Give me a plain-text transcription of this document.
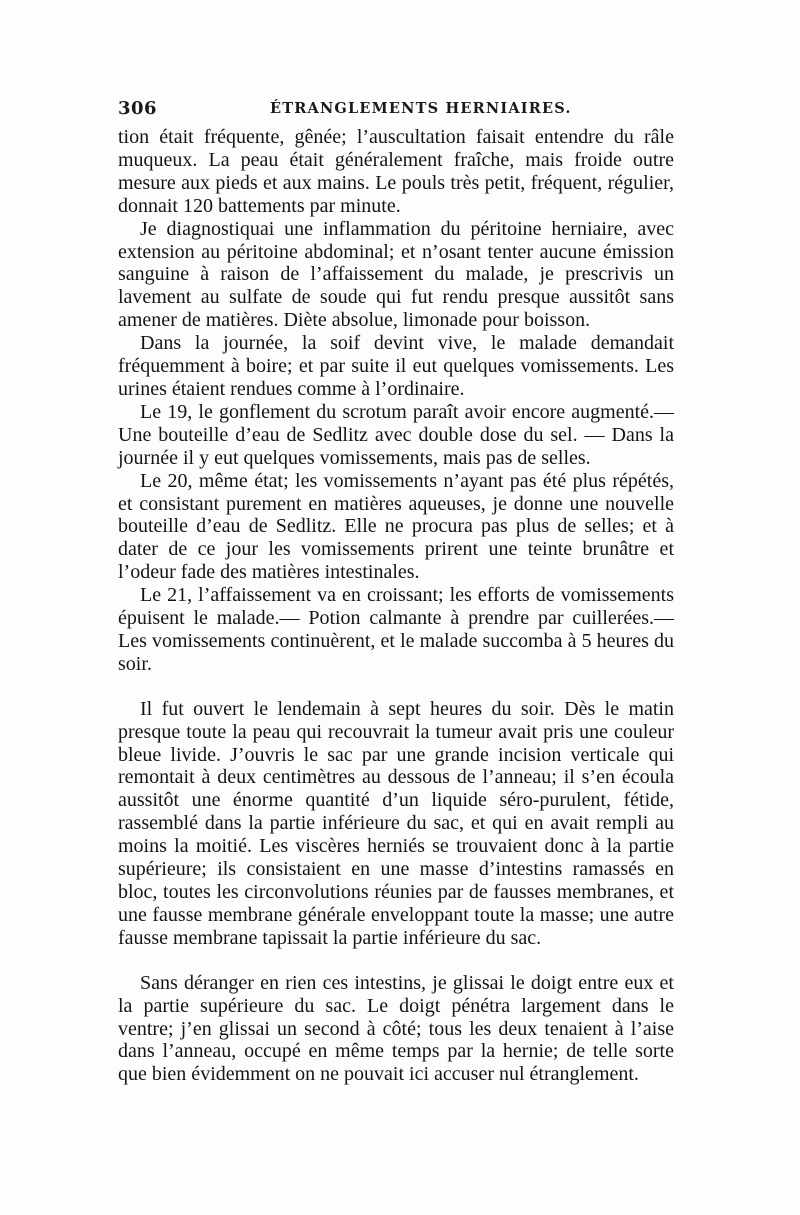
306	ÉTRANGLEMENTS HERNIAIRES.

tion était fréquente, gênée; l’auscultation faisait entendre du râle muqueux. La peau était généralement fraîche, mais froide outre mesure aux pieds et aux mains. Le pouls très petit, fréquent, régulier, donnait 120 battements par minute.

Je diagnostiquai une inflammation du péritoine herniaire, avec extension au péritoine abdominal; et n’osant tenter aucune émission sanguine à raison de l’affaissement du malade, je prescrivis un lavement au sulfate de soude qui fut rendu presque aussitôt sans amener de matières. Diète absolue, limonade pour boisson.

Dans la journée, la soif devint vive, le malade demandait fréquemment à boire; et par suite il eut quelques vomissements. Les urines étaient rendues comme à l’ordinaire.

Le 19, le gonflement du scrotum paraît avoir encore augmenté.— Une bouteille d’eau de Sedlitz avec double dose du sel. — Dans la journée il y eut quelques vomissements, mais pas de selles.

Le 20, même état; les vomissements n’ayant pas été plus répétés, et consistant purement en matières aqueuses, je donne une nouvelle bouteille d’eau de Sedlitz. Elle ne procura pas plus de selles; et à dater de ce jour les vomissements prirent une teinte brunâtre et l’odeur fade des matières intestinales.

Le 21, l’affaissement va en croissant; les efforts de vomissements épuisent le malade.— Potion calmante à prendre par cuillerées.— Les vomissements continuèrent, et le malade succomba à 5 heures du soir.

Il fut ouvert le lendemain à sept heures du soir. Dès le matin presque toute la peau qui recouvrait la tumeur avait pris une couleur bleue livide. J’ouvris le sac par une grande incision verticale qui remontait à deux centimètres au dessous de l’anneau; il s’en écoula aussitôt une énorme quantité d’un liquide séro-purulent, fétide, rassemblé dans la partie inférieure du sac, et qui en avait rempli au moins la moitié. Les viscères herniés se trouvaient donc à la partie supérieure; ils consistaient en une masse d’intestins ramassés en bloc, toutes les circonvolutions réunies par de fausses membranes, et une fausse membrane générale enveloppant toute la masse; une autre fausse membrane tapissait la partie inférieure du sac.

Sans déranger en rien ces intestins, je glissai le doigt entre eux et la partie supérieure du sac. Le doigt pénétra largement dans le ventre; j’en glissai un second à côté; tous les deux tenaient à l’aise dans l’anneau, occupé en même temps par la hernie; de telle sorte que bien évidemment on ne pouvait ici accuser nul étranglement.
